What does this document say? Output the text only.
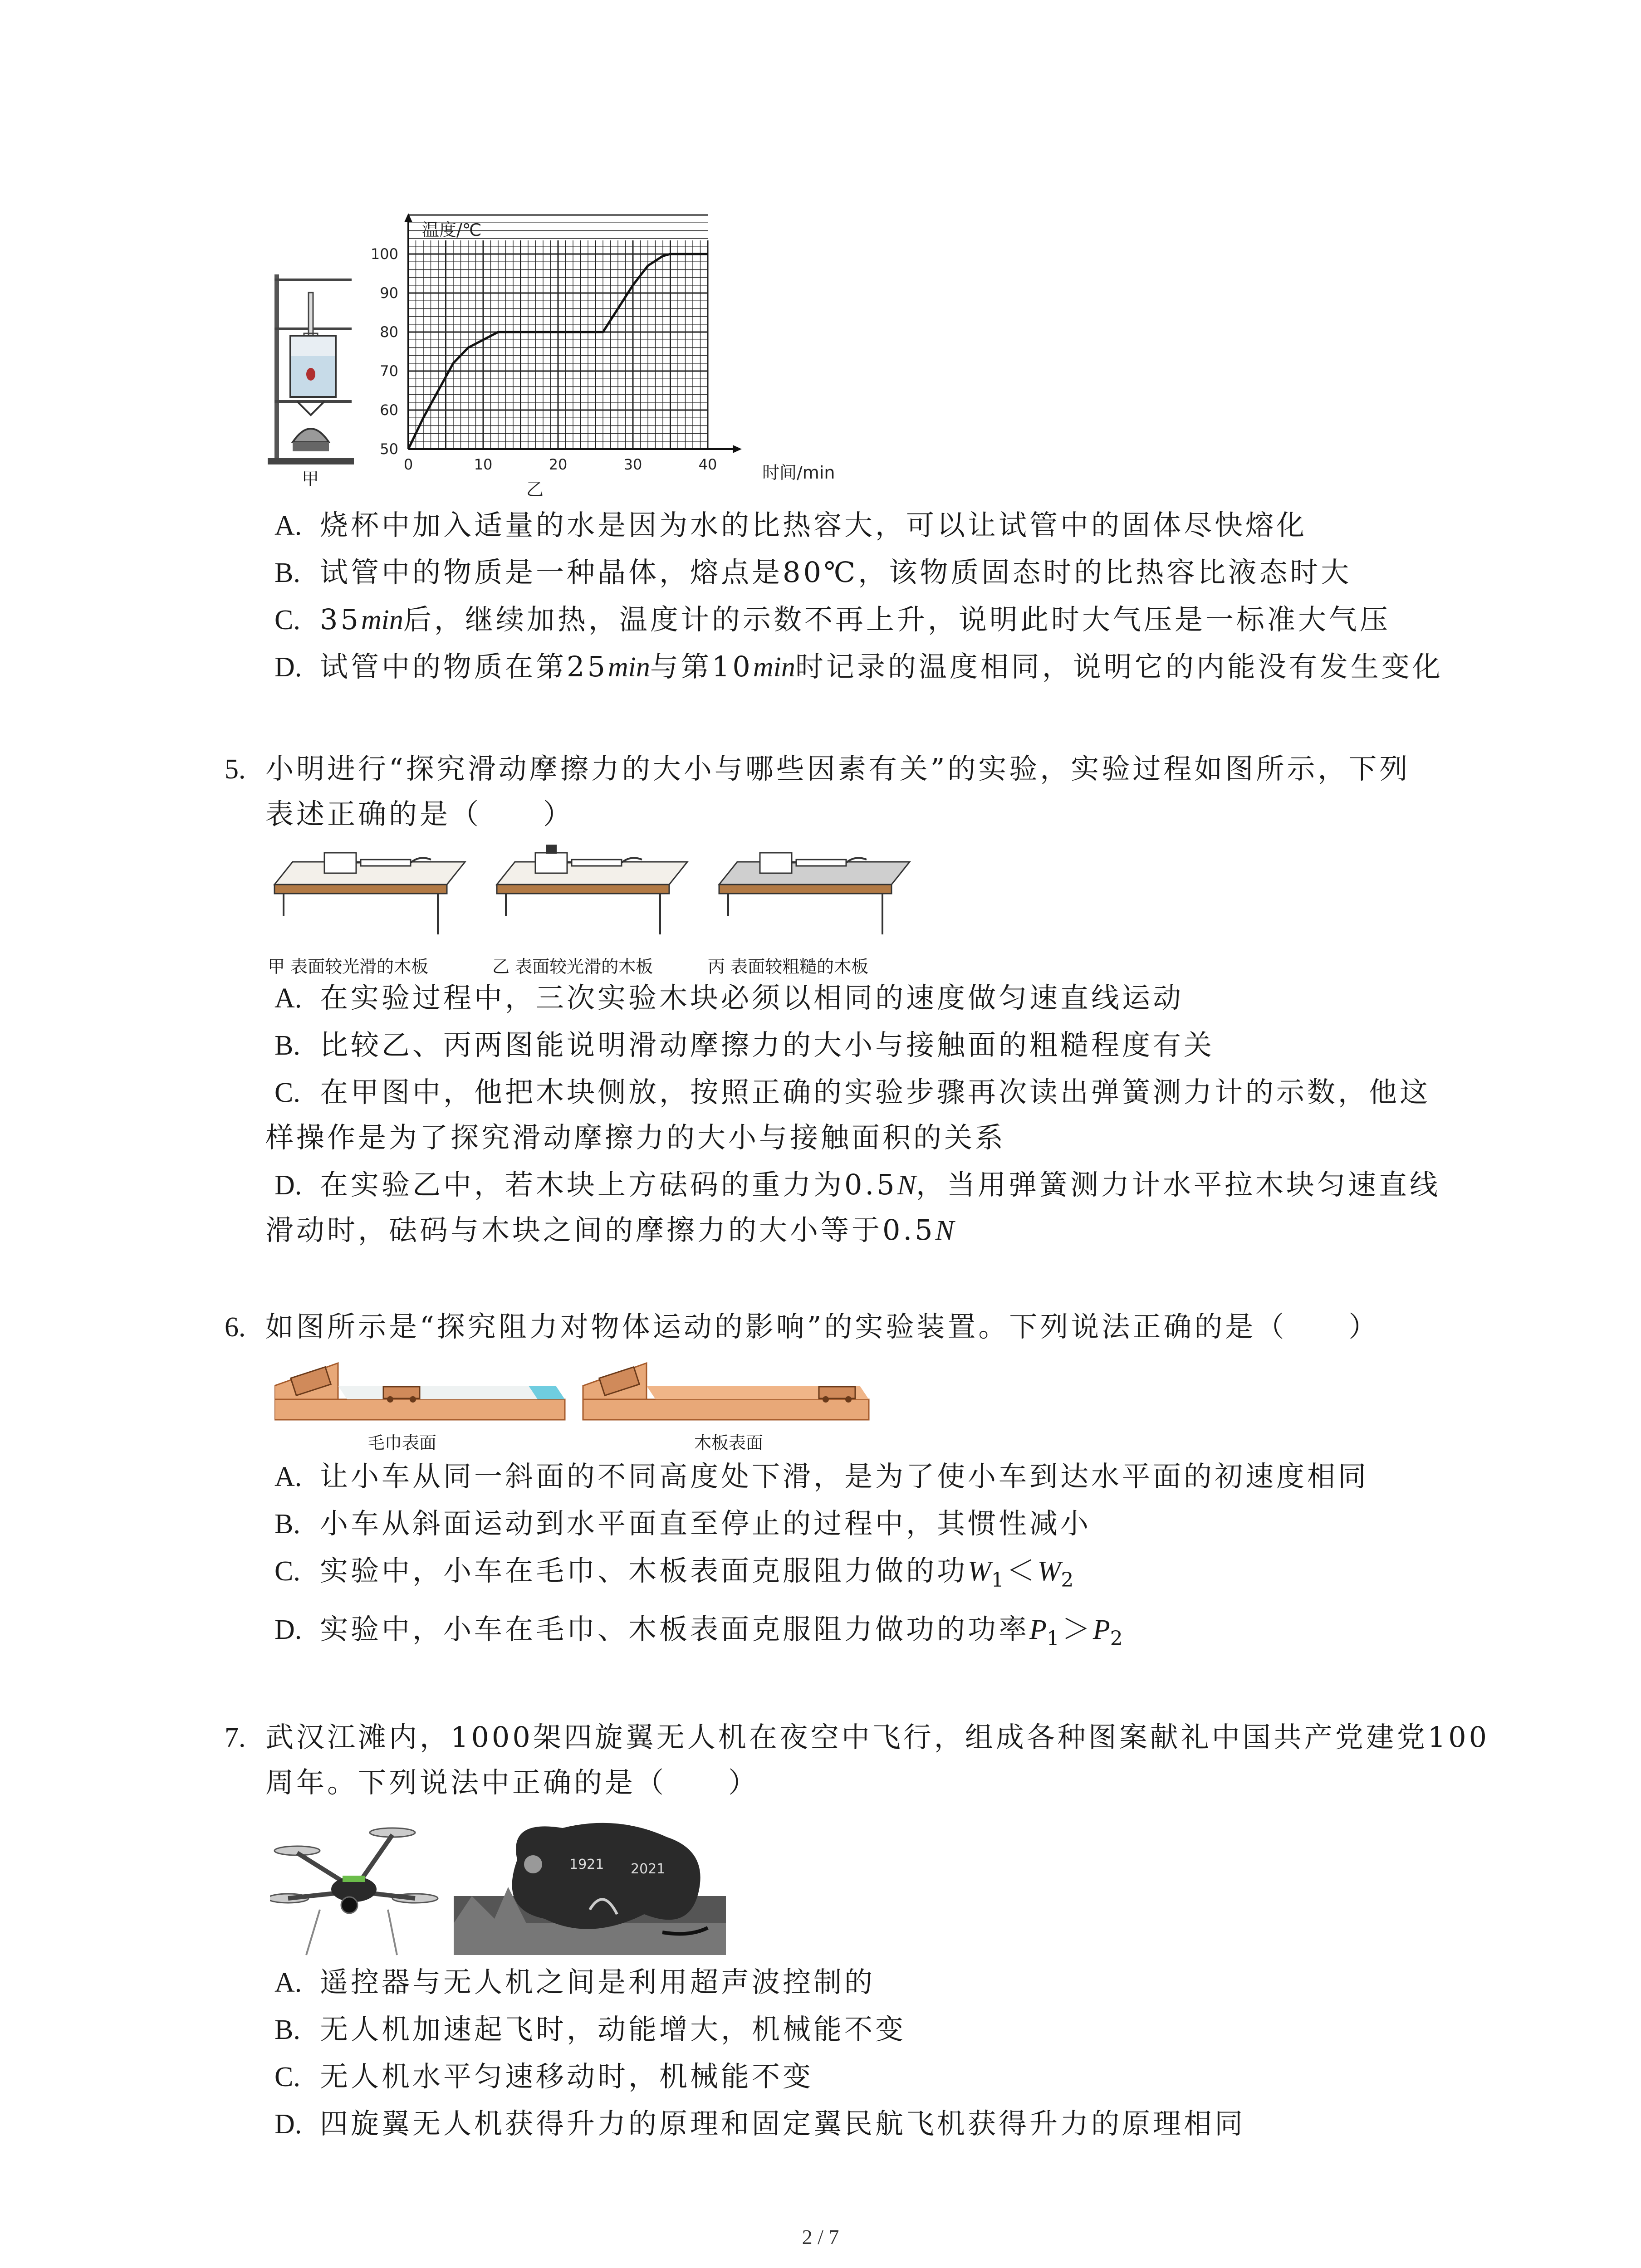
甲
0	10	20	30	40
50
60
70
80
90
100
温度/℃
时间/min
乙
A. 烧杯中加入适量的水是因为水的比热容大，可以让试管中的固体尽快熔化
B. 试管中的物质是一种晶体，熔点是80℃，该物质固态时的比热容比液态时大
C. 35min后，继续加热，温度计的示数不再上升，说明此时大气压是一标准大气压
D. 试管中的物质在第25min与第10min时记录的温度相同，说明它的内能没有发生变化
5. 小明进行“探究滑动摩擦力的大小与哪些因素有关”的实验，实验过程如图所示，下列
表述正确的是（　　）
甲 表面较光滑的木板	乙 表面较光滑的木板	丙 表面较粗糙的木板
A. 在实验过程中，三次实验木块必须以相同的速度做匀速直线运动
B. 比较乙、丙两图能说明滑动摩擦力的大小与接触面的粗糙程度有关
C. 在甲图中，他把木块侧放，按照正确的实验步骤再次读出弹簧测力计的示数，他这
样操作是为了探究滑动摩擦力的大小与接触面积的关系
D. 在实验乙中，若木块上方砝码的重力为0.5N，当用弹簧测力计水平拉木块匀速直线
滑动时，砝码与木块之间的摩擦力的大小等于0.5N
6. 如图所示是“探究阻力对物体运动的影响”的实验装置。下列说法正确的是（　　）
毛巾表面	木板表面
A. 让小车从同一斜面的不同高度处下滑，是为了使小车到达水平面的初速度相同
B. 小车从斜面运动到水平面直至停止的过程中，其惯性减小
C. 实验中，小车在毛巾、木板表面克服阻力做的功$W_1<W_2$
D. 实验中，小车在毛巾、木板表面克服阻力做功的功率$P_1>P_2$
7. 武汉江滩内，1000架四旋翼无人机在夜空中飞行，组成各种图案献礼中国共产党建党100
周年。下列说法中正确的是（　　）
1921 2021
A. 遥控器与无人机之间是利用超声波控制的
B. 无人机加速起飞时，动能增大，机械能不变
C. 无人机水平匀速移动时，机械能不变
D. 四旋翼无人机获得升力的原理和固定翼民航飞机获得升力的原理相同
2 / 7
